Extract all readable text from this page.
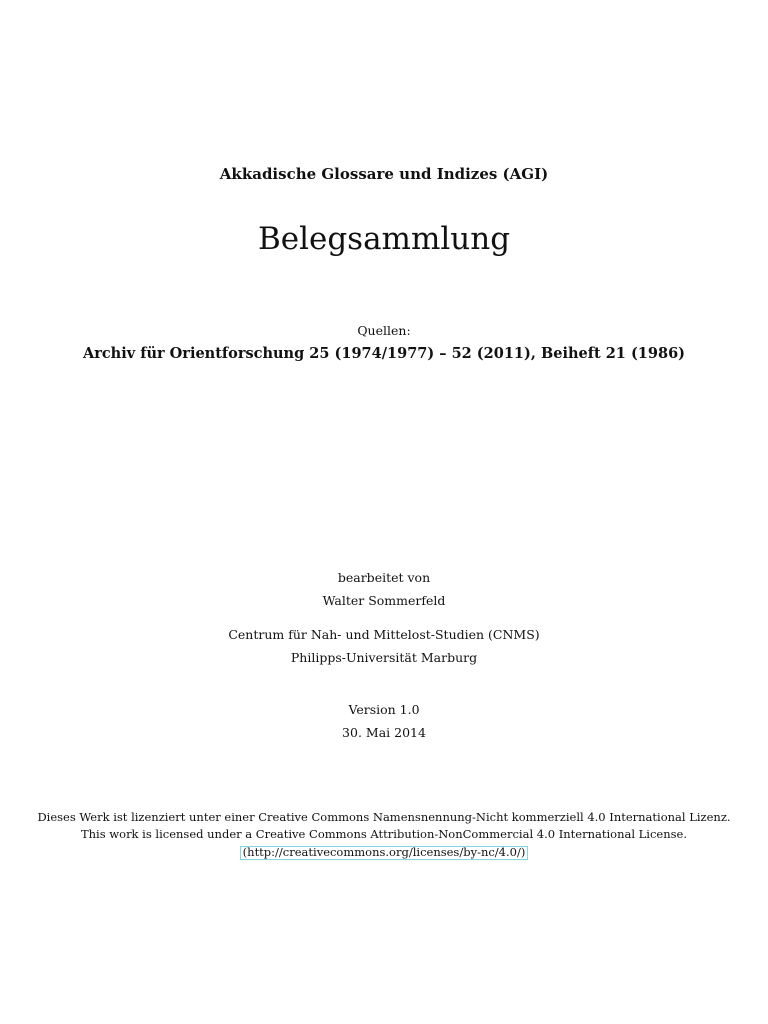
Akkadische Glossare und Indizes (AGI)
Belegsammlung
Quellen:
Archiv für Orientforschung 25 (1974/1977) – 52 (2011), Beiheft 21 (1986)
bearbeitet von
Walter Sommerfeld
Centrum für Nah- und Mittelost-Studien (CNMS)
Philipps-Universität Marburg
Version 1.0
30. Mai 2014
Dieses Werk ist lizenziert unter einer Creative Commons Namensnennung-Nicht kommerziell 4.0 International Lizenz.
This work is licensed under a Creative Commons Attribution-NonCommercial 4.0 International License.
(http://creativecommons.org/licenses/by-nc/4.0/)
